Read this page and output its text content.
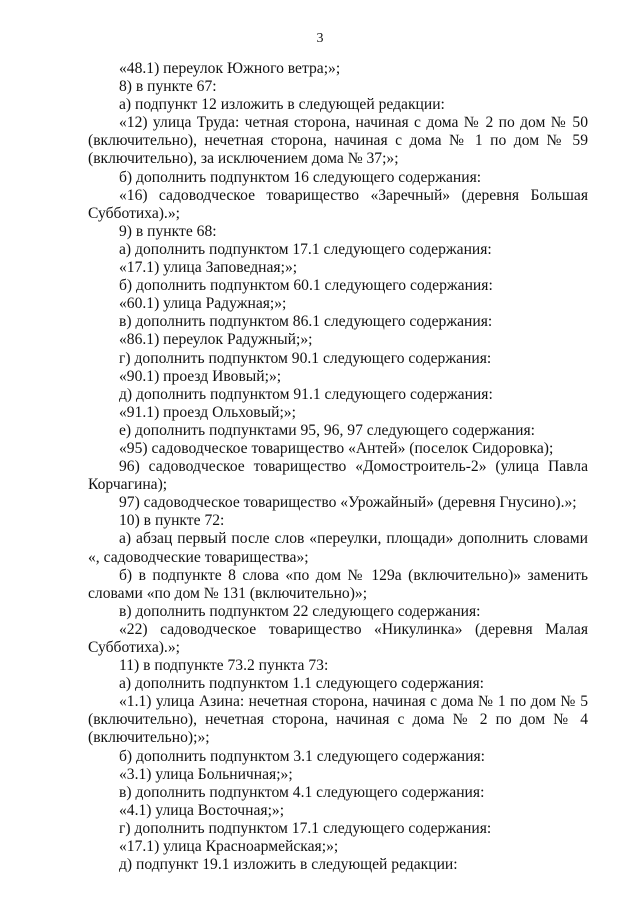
3

«48.1) переулок Южного ветра;»;

8) в пункте 67:

а) подпункт 12 изложить в следующей редакции:

«12) улица Труда: четная сторона, начиная с дома № 2 по дом № 50 (включительно), нечетная сторона, начиная с дома № 1 по дом № 59 (включительно), за исключением дома № 37;»;

б) дополнить подпунктом 16 следующего содержания:

«16) садоводческое товарищество «Заречный» (деревня Большая Субботиха).»;

9) в пункте 68:

а) дополнить подпунктом 17.1 следующего содержания:

«17.1) улица Заповедная;»;

б) дополнить подпунктом 60.1 следующего содержания:

«60.1) улица Радужная;»;

в) дополнить подпунктом 86.1 следующего содержания:

«86.1) переулок Радужный;»;

г) дополнить подпунктом 90.1 следующего содержания:

«90.1) проезд Ивовый;»;

д) дополнить подпунктом 91.1 следующего содержания:

«91.1) проезд Ольховый;»;

е) дополнить подпунктами 95, 96, 97 следующего содержания:

«95) садоводческое товарищество «Антей» (поселок Сидоровка);

96) садоводческое товарищество «Домостроитель-2» (улица Павла Корчагина);

97) садоводческое товарищество «Урожайный» (деревня Гнусино).»;

10) в пункте 72:

а) абзац первый после слов «переулки, площади» дополнить словами «, садоводческие товарищества»;

б) в подпункте 8 слова «по дом № 129а (включительно)» заменить словами «по дом № 131 (включительно)»;

в) дополнить подпунктом 22 следующего содержания:

«22) садоводческое товарищество «Никулинка» (деревня Малая Субботиха).»;

11) в подпункте 73.2 пункта 73:

а) дополнить подпунктом 1.1 следующего содержания:

«1.1) улица Азина: нечетная сторона, начиная с дома № 1 по дом № 5 (включительно), нечетная сторона, начиная с дома № 2 по дом № 4 (включительно);»;

б) дополнить подпунктом 3.1 следующего содержания:

«3.1) улица Больничная;»;

в) дополнить подпунктом 4.1 следующего содержания:

«4.1) улица Восточная;»;

г) дополнить подпунктом 17.1 следующего содержания:

«17.1) улица Красноармейская;»;

д) подпункт 19.1 изложить в следующей редакции:
